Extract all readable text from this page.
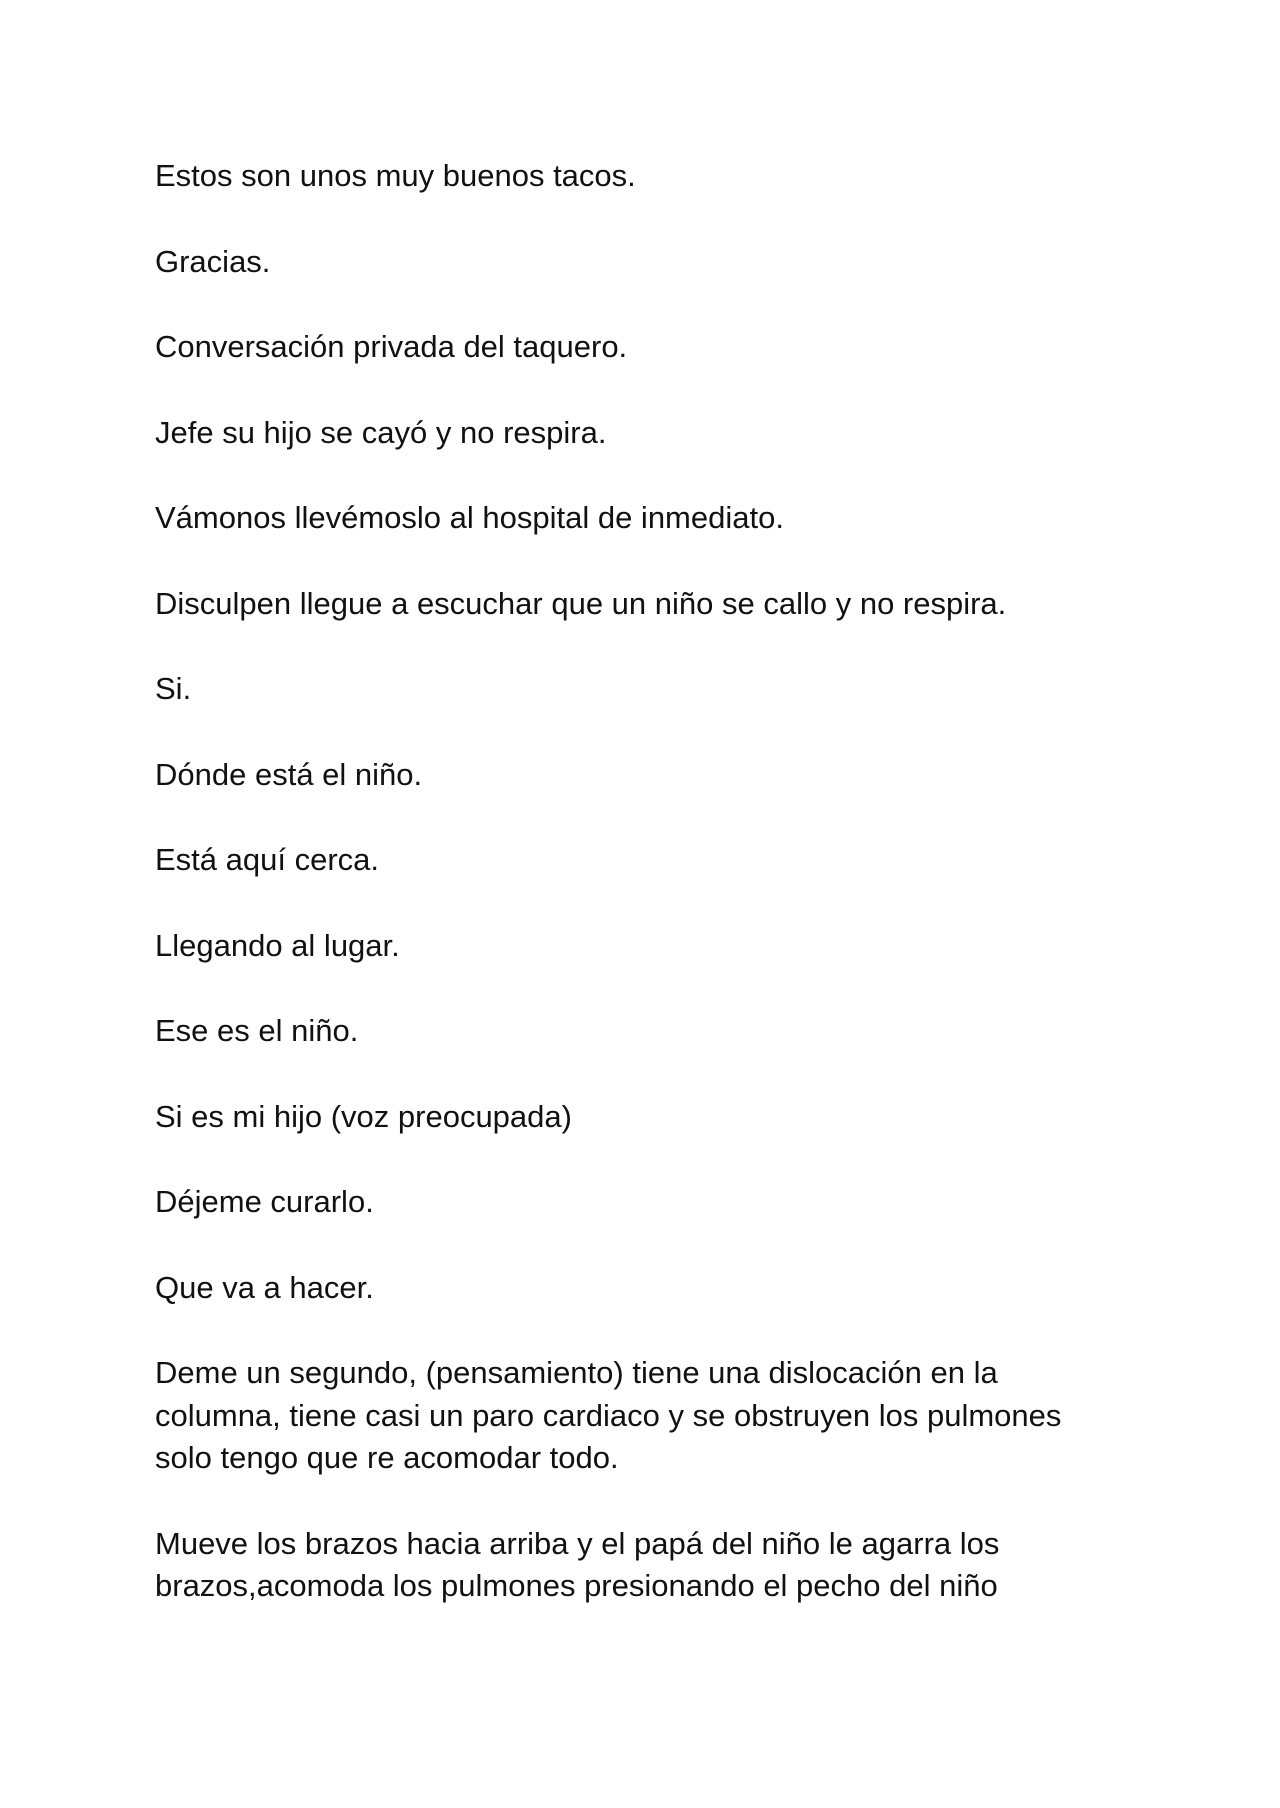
Estos son unos muy buenos tacos.

Gracias.

Conversación privada del taquero.

Jefe su hijo se cayó y no respira.

Vámonos llevémoslo al hospital de inmediato.

Disculpen llegue a escuchar que un niño se callo y no respira.

Si.

Dónde está el niño.

Está aquí cerca.

Llegando al lugar.

Ese es el niño.

Si es mi hijo (voz preocupada)

Déjeme curarlo.

Que va a hacer.

Deme un segundo, (pensamiento) tiene una dislocación en la columna, tiene casi un paro cardiaco y se obstruyen los pulmones solo tengo que re acomodar todo.

Mueve los brazos hacia arriba y el papá del niño le agarra los brazos,acomoda los pulmones presionando el pecho del niño
